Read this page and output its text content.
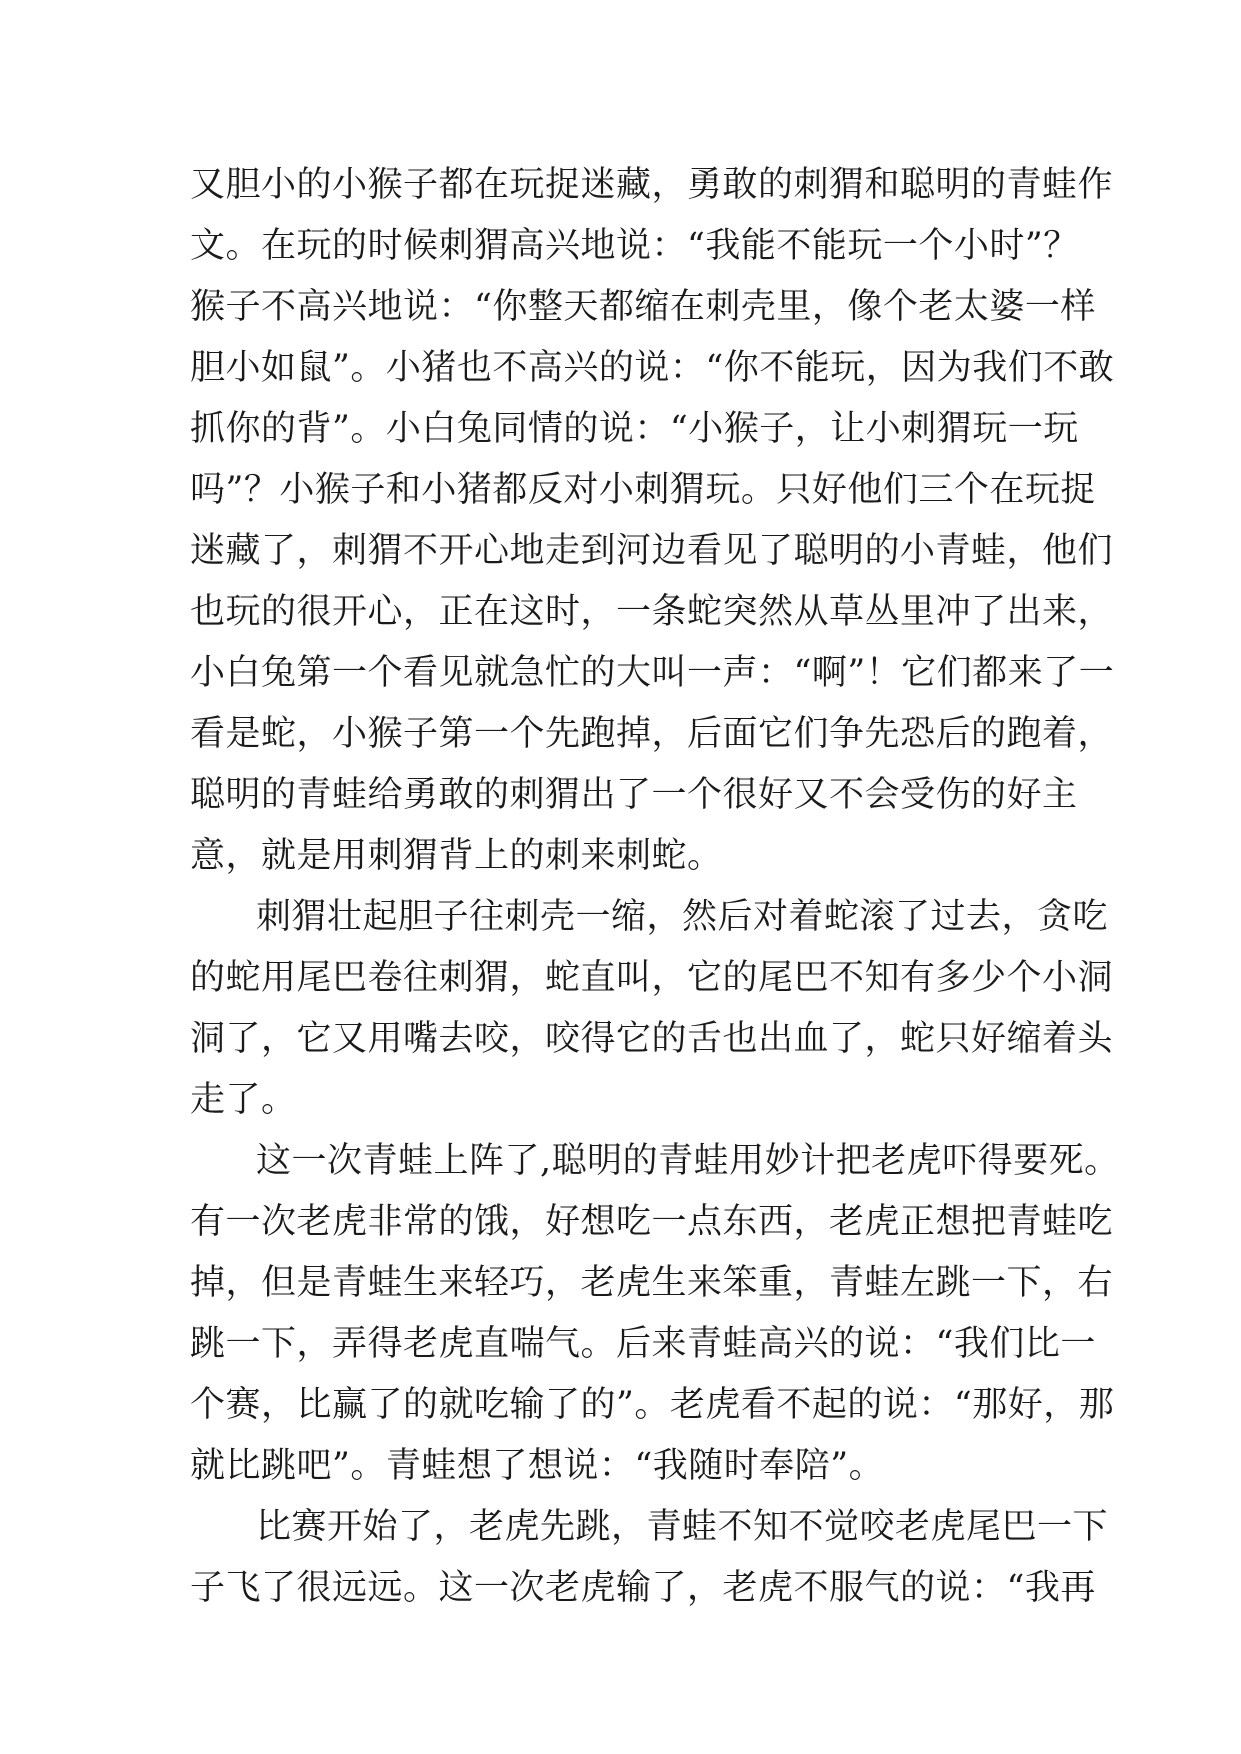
又胆小的小猴子都在玩捉迷藏，勇敢的刺猬和聪明的青蛙作
文。在玩的时候刺猬高兴地说：“我能不能玩一个小时”？
猴子不高兴地说：“你整天都缩在刺壳里，像个老太婆一样
胆小如鼠”。小猪也不高兴的说：“你不能玩，因为我们不敢
抓你的背”。小白兔同情的说：“小猴子，让小刺猬玩一玩
吗”？小猴子和小猪都反对小刺猬玩。只好他们三个在玩捉
迷藏了，刺猬不开心地走到河边看见了聪明的小青蛙，他们
也玩的很开心，正在这时，一条蛇突然从草丛里冲了出来，
小白兔第一个看见就急忙的大叫一声：“啊”！它们都来了一
看是蛇，小猴子第一个先跑掉，后面它们争先恐后的跑着，
聪明的青蛙给勇敢的刺猬出了一个很好又不会受伤的好主
意，就是用刺猬背上的刺来刺蛇。
刺猬壮起胆子往刺壳一缩，然后对着蛇滚了过去，贪吃
的蛇用尾巴卷往刺猬，蛇直叫，它的尾巴不知有多少个小洞
洞了，它又用嘴去咬，咬得它的舌也出血了，蛇只好缩着头
走了。
这一次青蛙上阵了,聪明的青蛙用妙计把老虎吓得要死。
有一次老虎非常的饿，好想吃一点东西，老虎正想把青蛙吃
掉，但是青蛙生来轻巧，老虎生来笨重，青蛙左跳一下，右
跳一下，弄得老虎直喘气。后来青蛙高兴的说：“我们比一
个赛，比赢了的就吃输了的”。老虎看不起的说：“那好，那
就比跳吧”。青蛙想了想说：“我随时奉陪”。
比赛开始了，老虎先跳，青蛙不知不觉咬老虎尾巴一下
子飞了很远远。这一次老虎输了，老虎不服气的说：“我再
